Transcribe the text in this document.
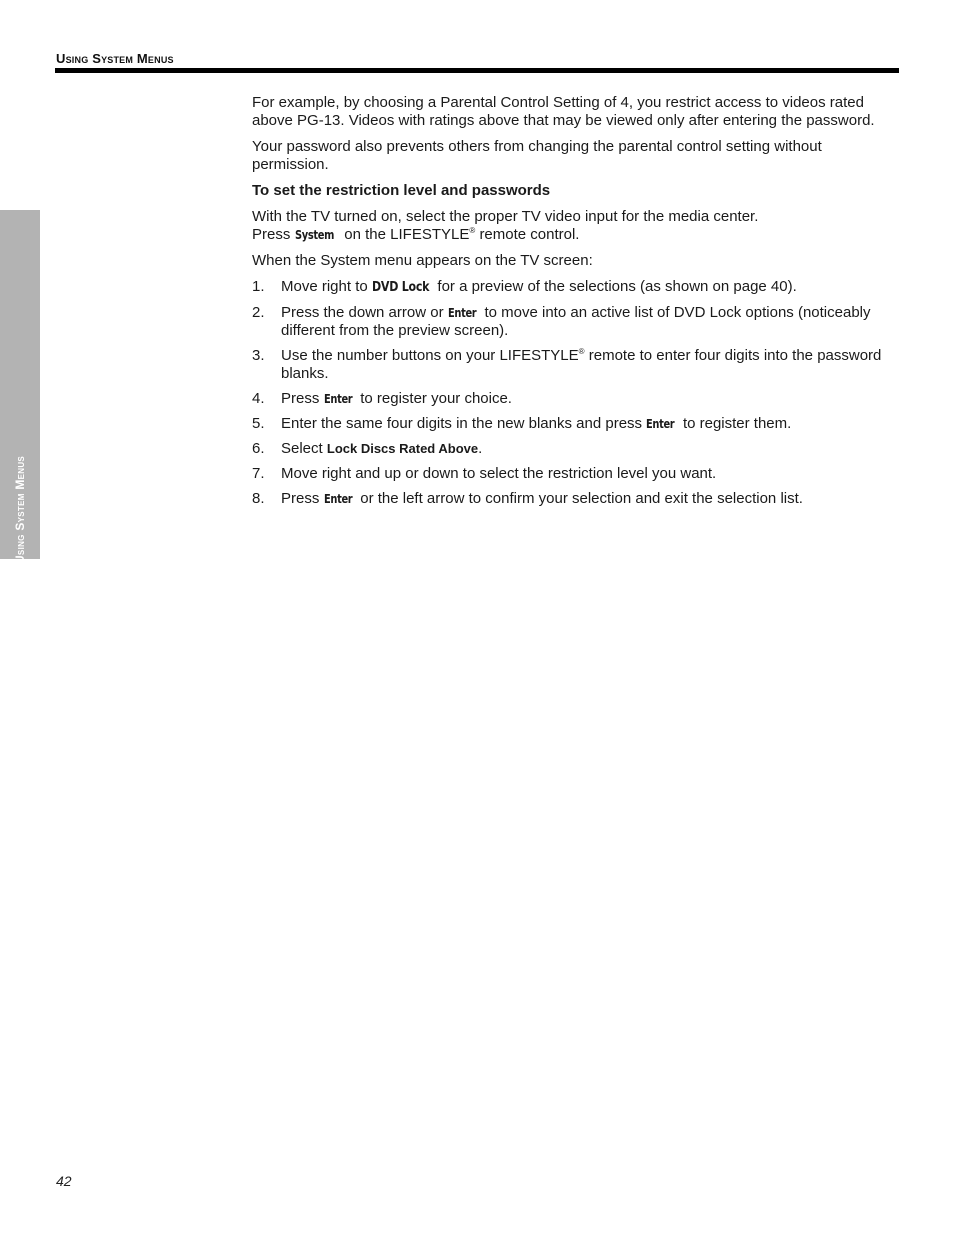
Using System Menus
Using System Menus

For example, by choosing a Parental Control Setting of 4, you restrict access to videos rated above PG-13. Videos with ratings above that may be viewed only after entering the password.

Your password also prevents others from changing the parental control setting without permission.

To set the restriction level and passwords

With the TV turned on, select the proper TV video input for the media center.
Press System on the LIFESTYLE® remote control.

When the System menu appears on the TV screen:

1. Move right to DVD Lock for a preview of the selections (as shown on page 40).
2. Press the down arrow or Enter to move into an active list of DVD Lock options (noticeably different from the preview screen).
3. Use the number buttons on your LIFESTYLE® remote to enter four digits into the password blanks.
4. Press Enter to register your choice.
5. Enter the same four digits in the new blanks and press Enter to register them.
6. Select Lock Discs Rated Above.
7. Move right and up or down to select the restriction level you want.
8. Press Enter or the left arrow to confirm your selection and exit the selection list.
42
